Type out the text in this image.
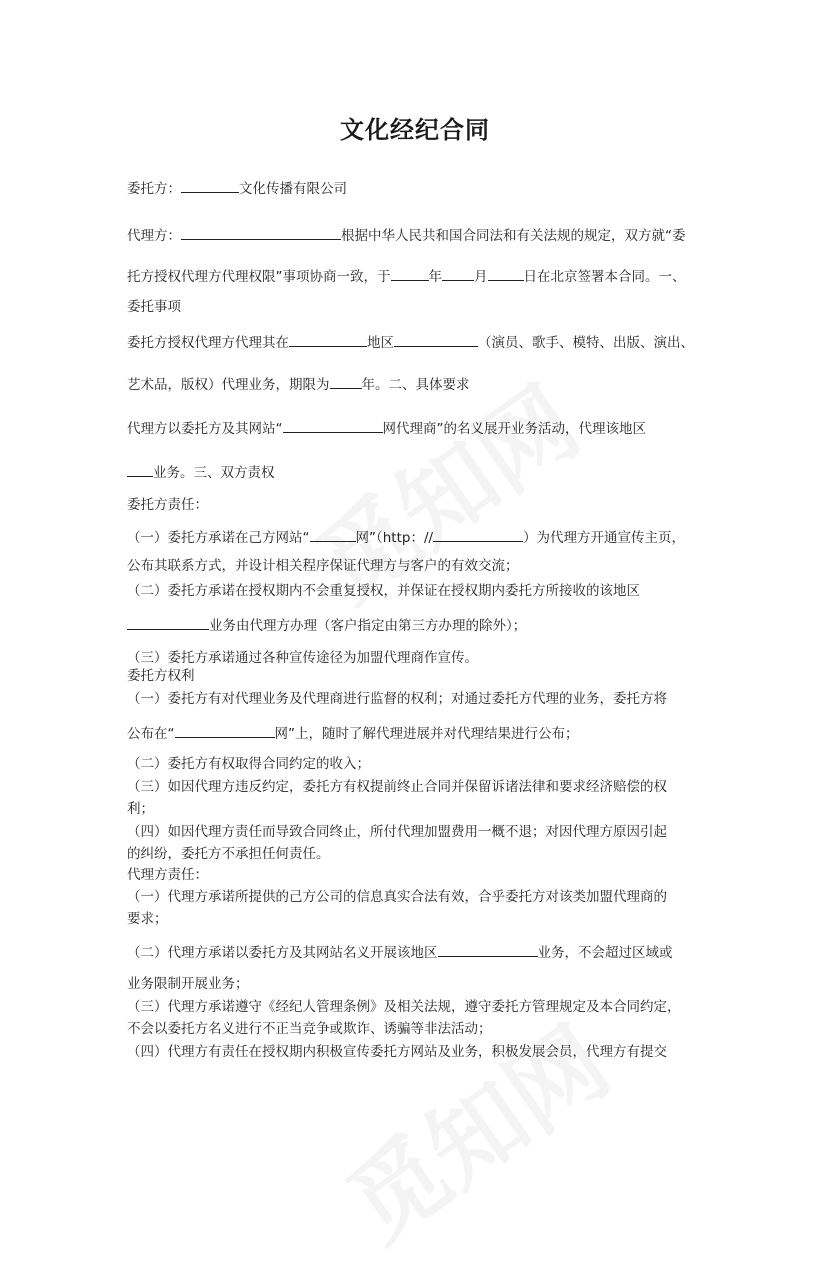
文化经纪合同
委托方：	文化传播有限公司
代理方：	根据中华人民共和国合同法和有关法规的规定，双方就“委
托方授权代理方代理权限”事项协商一致，于	年 月	日在北京签署本合同。一、
委托事项
委托方授权代理方代理其在	地区	（演员、歌手、模特、出版、演出、
艺术品，版权）代理业务，期限为 年。二、具体要求
代理方以委托方及其网站“	网代理商”的名义展开业务活动，代理该地区
业务。三、双方责权
委托方责任：
（一）委托方承诺在己方网站“	网”（http：//	）为代理方开通宣传主页，
公布其联系方式，并设计相关程序保证代理方与客户的有效交流；
（二）委托方承诺在授权期内不会重复授权，并保证在授权期内委托方所接收的该地区
业务由代理方办理（客户指定由第三方办理的除外）；
（三）委托方承诺通过各种宣传途径为加盟代理商作宣传。
委托方权利
（一）委托方有对代理业务及代理商进行监督的权利；对通过委托方代理的业务，委托方将
公布在“	网”上，随时了解代理进展并对代理结果进行公布；
（二）委托方有权取得合同约定的收入；
（三）如因代理方违反约定，委托方有权提前终止合同并保留诉诸法律和要求经济赔偿的权
利；
（四）如因代理方责任而导致合同终止，所付代理加盟费用一概不退；对因代理方原因引起
的纠纷，委托方不承担任何责任。
代理方责任：
（一）代理方承诺所提供的己方公司的信息真实合法有效，合乎委托方对该类加盟代理商的
要求；
（二）代理方承诺以委托方及其网站名义开展该地区	业务，不会超过区域或
业务限制开展业务；
（三）代理方承诺遵守《经纪人管理条例》及相关法规，遵守委托方管理规定及本合同约定，
不会以委托方名义进行不正当竞争或欺诈、诱骗等非法活动；
（四）代理方有责任在授权期内积极宣传委托方网站及业务，积极发展会员，代理方有提交
